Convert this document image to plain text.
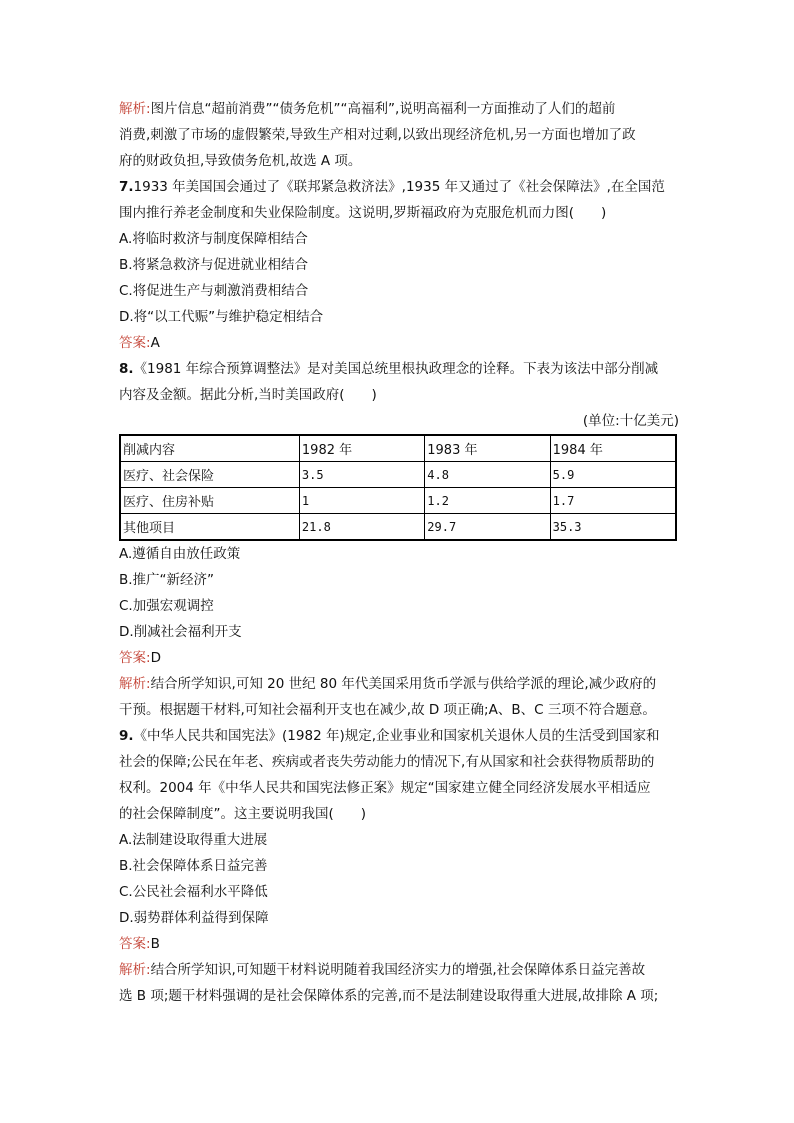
解析:图片信息“超前消费”“债务危机”“高福利”,说明高福利一方面推动了人们的超前
消费,刺激了市场的虚假繁荣,导致生产相对过剩,以致出现经济危机,另一方面也增加了政
府的财政负担,导致债务危机,故选 A 项。
7.1933 年美国国会通过了《联邦紧急救济法》,1935 年又通过了《社会保障法》,在全国范
围内推行养老金制度和失业保险制度。这说明,罗斯福政府为克服危机而力图(　　)
A.将临时救济与制度保障相结合
B.将紧急救济与促进就业相结合
C.将促进生产与刺激消费相结合
D.将“以工代赈”与维护稳定相结合
答案:A
8.《1981 年综合预算调整法》是对美国总统里根执政理念的诠释。下表为该法中部分削减
内容及金额。据此分析,当时美国政府(　　)
(单位:十亿美元)
削减内容	1982 年	1983 年	1984 年
医疗、社会保险	3.5	4.8	5.9
医疗、住房补贴	1	1.2	1.7
其他项目	21.8	29.7	35.3
A.遵循自由放任政策
B.推广“新经济”
C.加强宏观调控
D.削减社会福利开支
答案:D
解析:结合所学知识,可知 20 世纪 80 年代美国采用货币学派与供给学派的理论,减少政府的
干预。根据题干材料,可知社会福利开支也在减少,故 D 项正确;A、B、C 三项不符合题意。
9.《中华人民共和国宪法》(1982 年)规定,企业事业和国家机关退休人员的生活受到国家和
社会的保障;公民在年老、疾病或者丧失劳动能力的情况下,有从国家和社会获得物质帮助的
权利。2004 年《中华人民共和国宪法修正案》规定“国家建立健全同经济发展水平相适应
的社会保障制度”。这主要说明我国(　　)
A.法制建设取得重大进展
B.社会保障体系日益完善
C.公民社会福利水平降低
D.弱势群体利益得到保障
答案:B
解析:结合所学知识,可知题干材料说明随着我国经济实力的增强,社会保障体系日益完善故
选 B 项;题干材料强调的是社会保障体系的完善,而不是法制建设取得重大进展,故排除 A 项;
